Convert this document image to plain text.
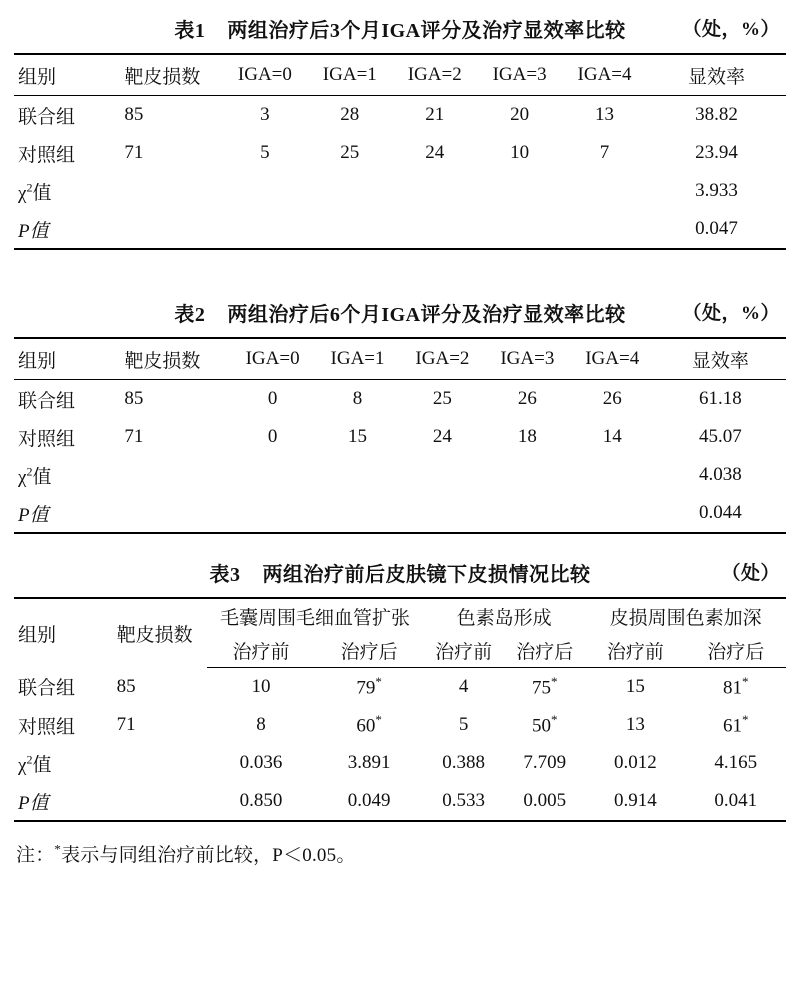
表1 两组治疗后3个月IGA评分及治疗显效率比较	（处，%）
组别	靶皮损数	IGA=0	IGA=1	IGA=2	IGA=3	IGA=4	显效率
联合组	85	3	28	21	20	13	38.82
对照组	71	5	25	24	10	7	23.94
$\chi^2$值							3.933
P值							0.047
表2 两组治疗后6个月IGA评分及治疗显效率比较	（处，%）
组别	靶皮损数	IGA=0	IGA=1	IGA=2	IGA=3	IGA=4	显效率
联合组	85	0	8	25	26	26	61.18
对照组	71	0	15	24	18	14	45.07
$\chi^2$值							4.038
P值							0.044
表3 两组治疗前后皮肤镜下皮损情况比较	（处）
组别	靶皮损数	毛囊周围毛细血管扩张		色素岛形成		皮损周围色素加深	
		治疗前	治疗后	治疗前	治疗后	治疗前	治疗后
联合组	85	10	79*	4	75*	15	81*
对照组	71	8	60*	5	50*	13	61*
$\chi^2$值		0.036	3.891	0.388	7.709	0.012	4.165
P值		0.850	0.049	0.533	0.005	0.914	0.041
注：*表示与同组治疗前比较，P＜0.05。
